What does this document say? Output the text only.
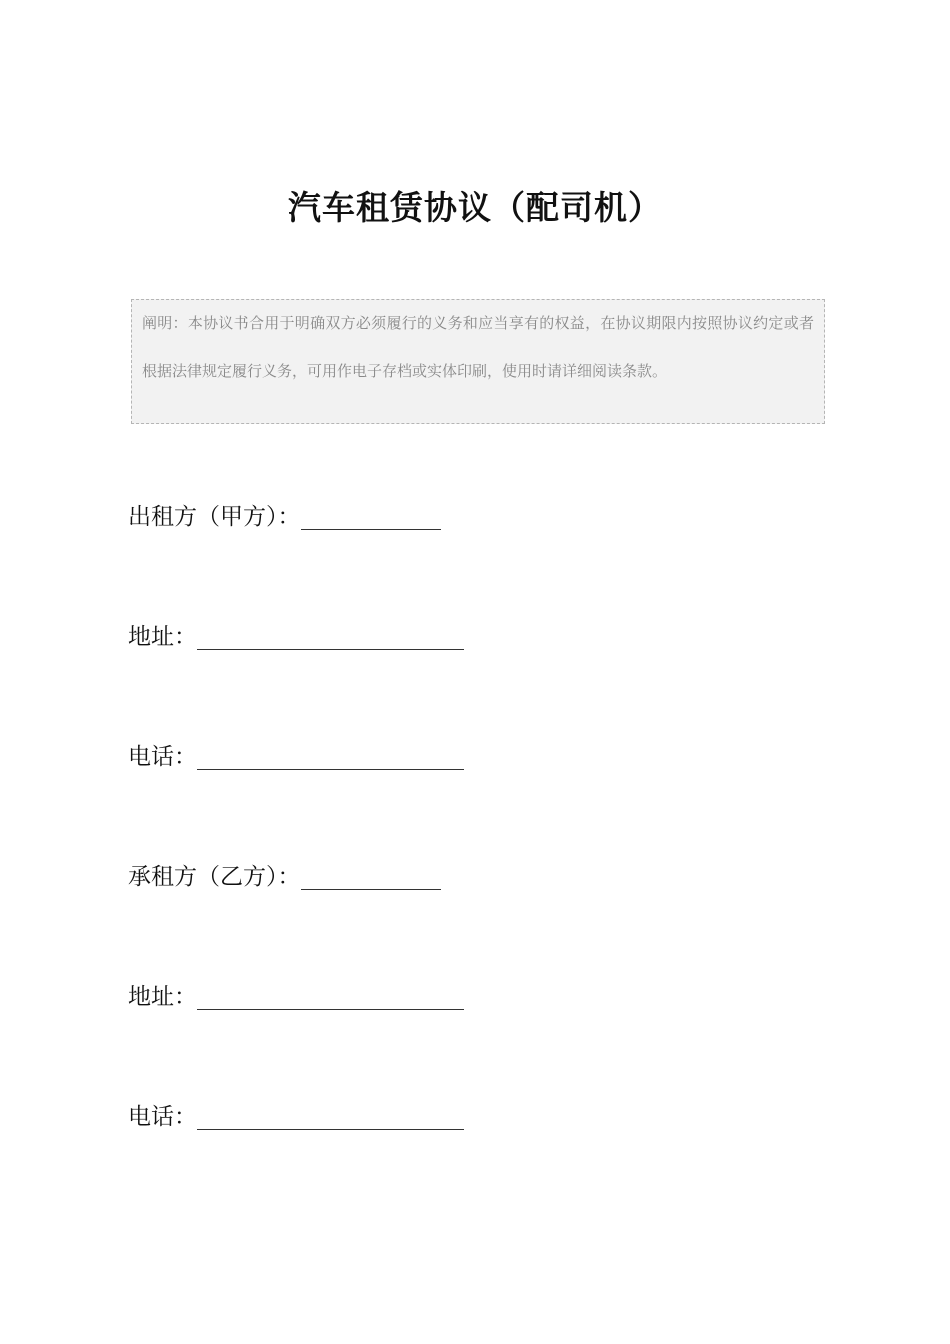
汽车租赁协议（配司机）

阐明：本协议书合用于明确双方必须履行的义务和应当享有的权益，在协议期限内按照协议约定或者根据法律规定履行义务，可用作电子存档或实体印刷，使用时请详细阅读条款。

出租方（甲方）：
地址：
电话：
承租方（乙方）：
地址：
电话：
